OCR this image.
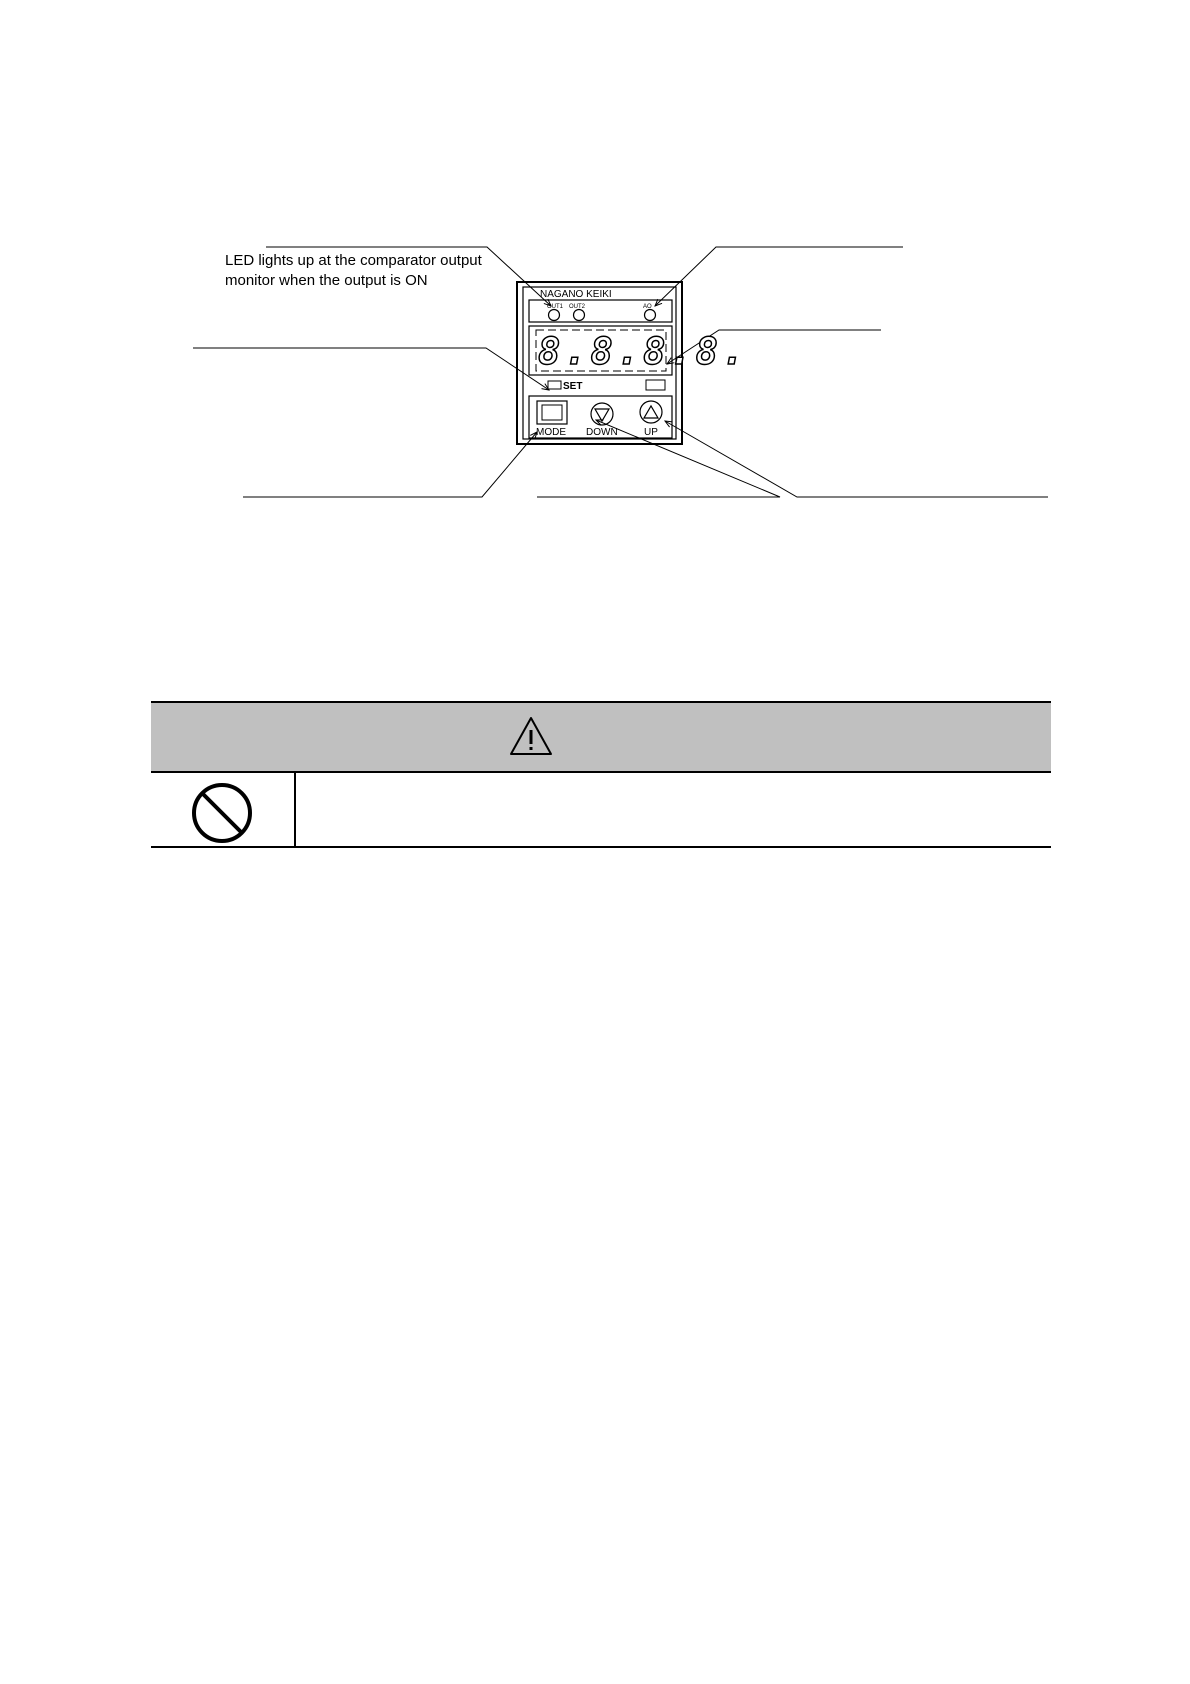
LED lights up at the comparator output
monitor when the output is ON
NAGANO KEIKI
OUT1 OUT2	AO
8.8.8.8.
SET
MODE DOWN	UP
